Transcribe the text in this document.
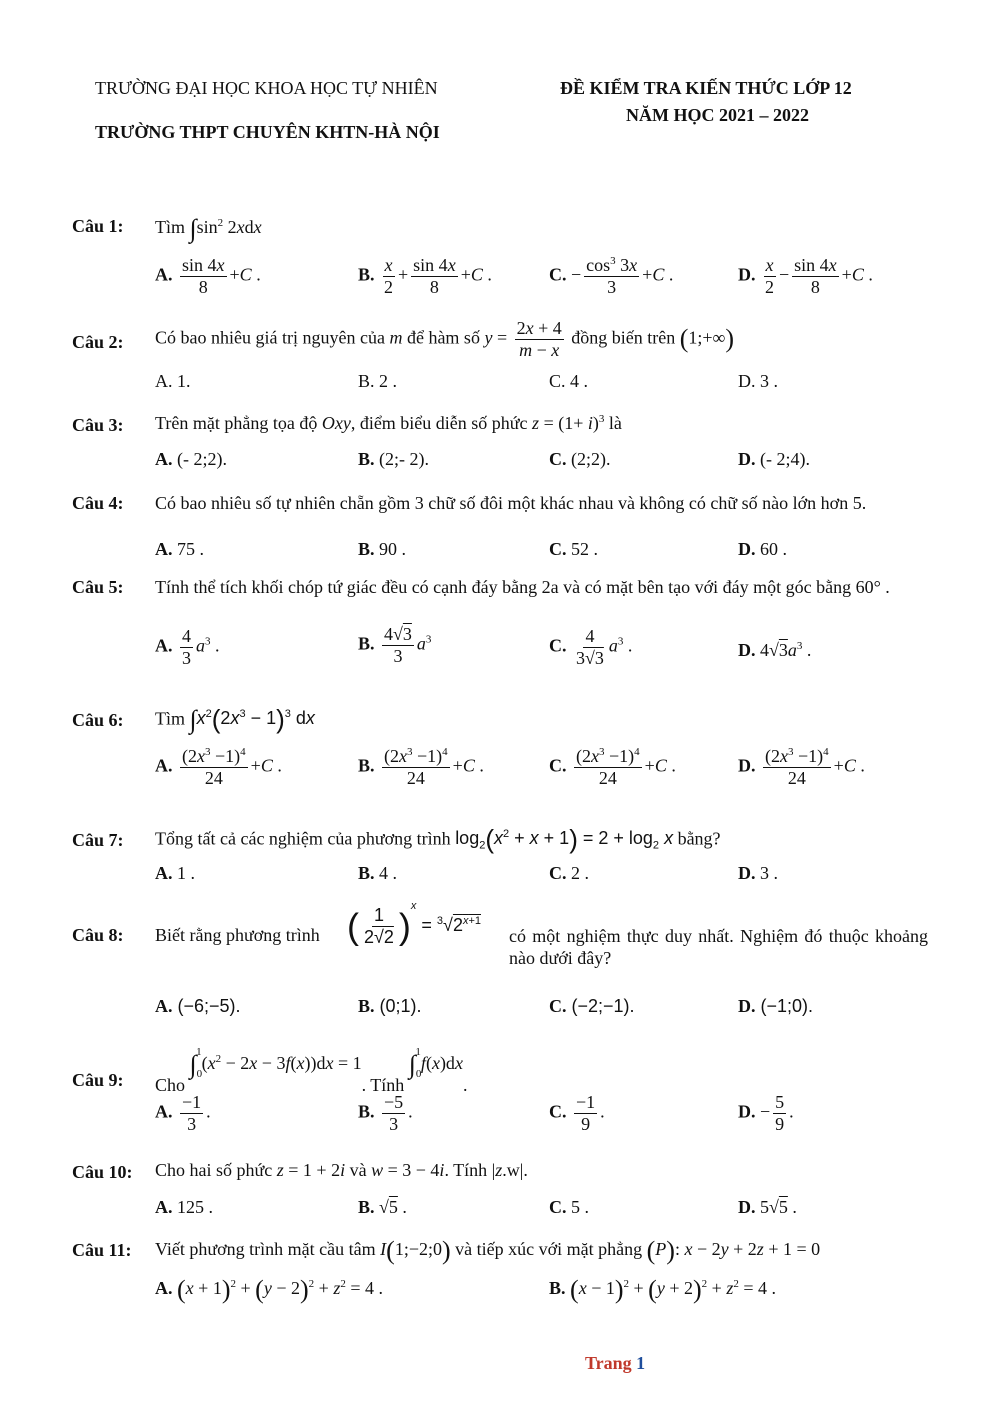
TRƯỜNG ĐẠI HỌC KHOA HỌC TỰ NHIÊN
TRƯỜNG THPT CHUYÊN KHTN-HÀ NỘI
ĐỀ KIỂM TRA KIẾN THỨC LỚP 12
NĂM HỌC 2021 – 2022
Câu 1: Tìm $\int\sin^2$ 2xdx
A. $\frac{\sin 4x}{8} +C$ .	B. $\frac{x}{2} + \frac{\sin 4x}{8} +C$ .	C. − $\frac{\cos^3 3x}{3} +C$ .	D. $\frac{x}{2} - \frac{\sin 4x}{8} +C$ .
Câu 2: Có bao nhiêu giá trị nguyên của m để hàm số $y = \frac{2x + 4}{m - x}$ đồng biến trên (1;+∞)
A. 1.	B. 2 .	C. 4 .	D. 3 .
Câu 3: Trên mặt phẳng tọa độ Oxy, điểm biểu diễn số phức $z = (1+ i)^3$ là
A. (- 2;2).	B. (2;- 2).	C. (2;2).	D. (- 2;4).
Câu 4: Có bao nhiêu số tự nhiên chẵn gồm 3 chữ số đôi một khác nhau và không có chữ số nào lớn hơn 5.
A. 75 .	B. 90 .	C. 52 .	D. 60 .
Câu 5: Tính thể tích khối chóp tứ giác đều có cạnh đáy bằng 2a và có mặt bên tạo với đáy một góc bằng 60° .
A. $\frac{4}{3} a^3$ .	B. $\frac{4√3}{3} a^3$	C. $\frac{4}{3√3} a^3$ .	D. $4√3a^3$ .
Câu 6: Tìm $\int x^2(2x^3 - 1)^3$ dx
A. $\frac{(2x^3 -1)^4}{24} +C$ .	B. $\frac{(2x^3 -1)^4}{24} +C$ .	C. $\frac{(2x^3 -1)^4}{24} +C$ .	D. $\frac{(2x^3 -1)^4}{24} +C$ .
Câu 7: Tổng tất cả các nghiệm của phương trình $\log_2(x^2 + x + 1) = 2 + \log_2 x$ bằng?
A. 1 .	B. 4 .	C. 2 .	D. 3 .
Câu 8: Biết rằng phương trình ( $\frac{1}{2√2} )^x = ^3√2^{x+1}$
có một nghiệm thực duy nhất. Nghiệm đó thuộc khoảng nào dưới đây?
A. (−6;−5).	B. (0;1).	C. (−2;−1).	D. (−1;0).
Câu 9: Cho $\int_0^1(x^2 - 2x - 3f(x))dx = 1$. Tính $\int_0^1f(x)dx$.
A. $\frac{-1}{3}$ .	B. $\frac{-5}{3}$ .	C. $\frac{-1}{9}$ .	D. − $\frac{5}{9}$ .
Câu 10: Cho hai số phức z = 1 + 2i và w = 3 − 4i. Tính |z.w|.
A. 125 .	B. √5 .	C. 5 .	D. 5√5 .
Câu 11: Viết phương trình mặt cầu tâm I(1;−2;0) và tiếp xúc với mặt phẳng (P): x − 2y + 2z + 1 = 0
A. $(x + 1)^2 + (y - 2)^2 + z^2 = 4$ .	B. $(x - 1)^2 + (y + 2)^2 + z^2 = 4$ .
Trang 1
